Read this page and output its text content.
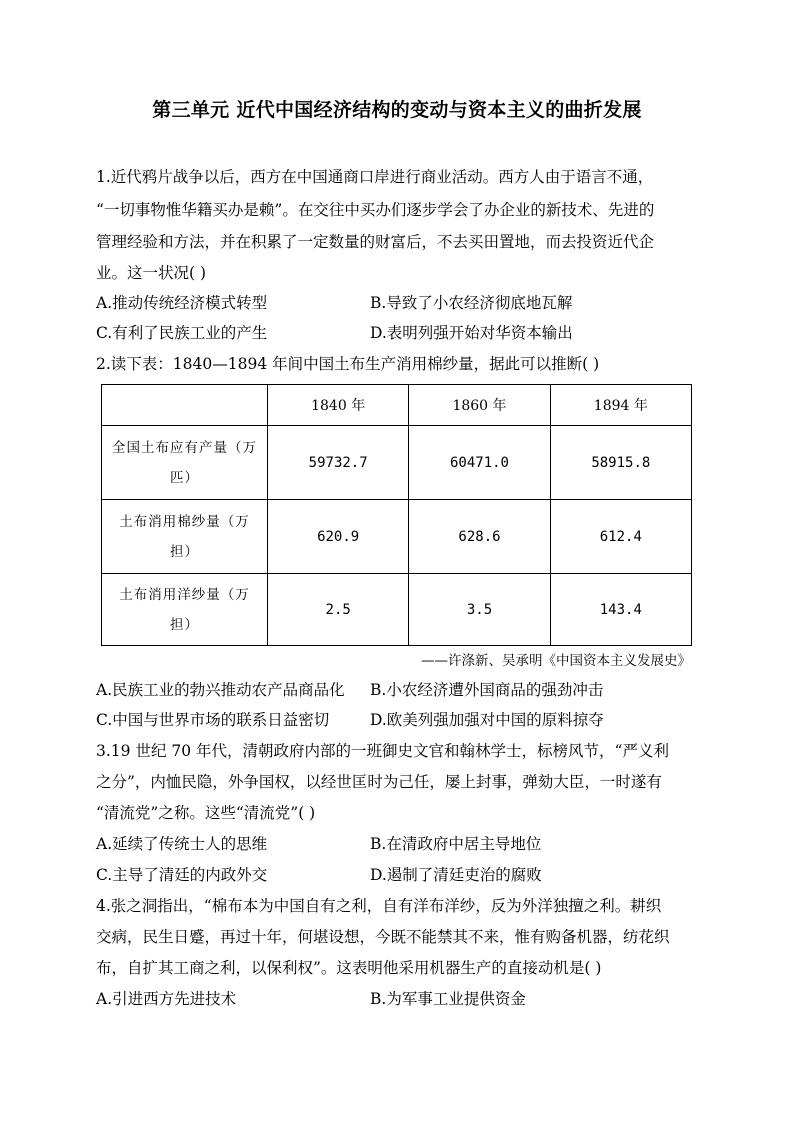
第三单元 近代中国经济结构的变动与资本主义的曲折发展
1.近代鸦片战争以后，西方在中国通商口岸进行商业活动。西方人由于语言不通，
“一切事物惟华籍买办是赖”。在交往中买办们逐步学会了办企业的新技术、先进的
管理经验和方法，并在积累了一定数量的财富后，不去买田置地，而去投资近代企
业。这一状况( )
A.推动传统经济模式转型	B.导致了小农经济彻底地瓦解
C.有利了民族工业的产生	D.表明列强开始对华资本输出
2.读下表：1840—1894 年间中国土布生产消用棉纱量，据此可以推断( )
	1840 年	1860 年	1894 年
全国土布应有产量（万匹）	59732.7	60471.0	58915.8
土布消用棉纱量（万担）	620.9	628.6	612.4
土布消用洋纱量（万担）	2.5	3.5	143.4
——许涤新、吴承明《中国资本主义发展史》
A.民族工业的勃兴推动农产品商品化 B.小农经济遭外国商品的强劲冲击
C.中国与世界市场的联系日益密切	D.欧美列强加强对中国的原料掠夺
3.19 世纪 70 年代，清朝政府内部的一班御史文官和翰林学士，标榜风节，“严义利
之分”，内恤民隐，外争国权，以经世匡时为己任，屡上封事，弹劾大臣，一时遂有
“清流党”之称。这些“清流党”( )
A.延续了传统士人的思维	B.在清政府中居主导地位
C.主导了清廷的内政外交	D.遏制了清廷吏治的腐败
4.张之洞指出，“棉布本为中国自有之利，自有洋布洋纱，反为外洋独擅之利。耕织
交病，民生日蹙，再过十年，何堪设想，今既不能禁其不来，惟有购备机器，纺花织
布，自扩其工商之利，以保利权”。这表明他采用机器生产的直接动机是( )
A.引进西方先进技术	B.为军事工业提供资金
